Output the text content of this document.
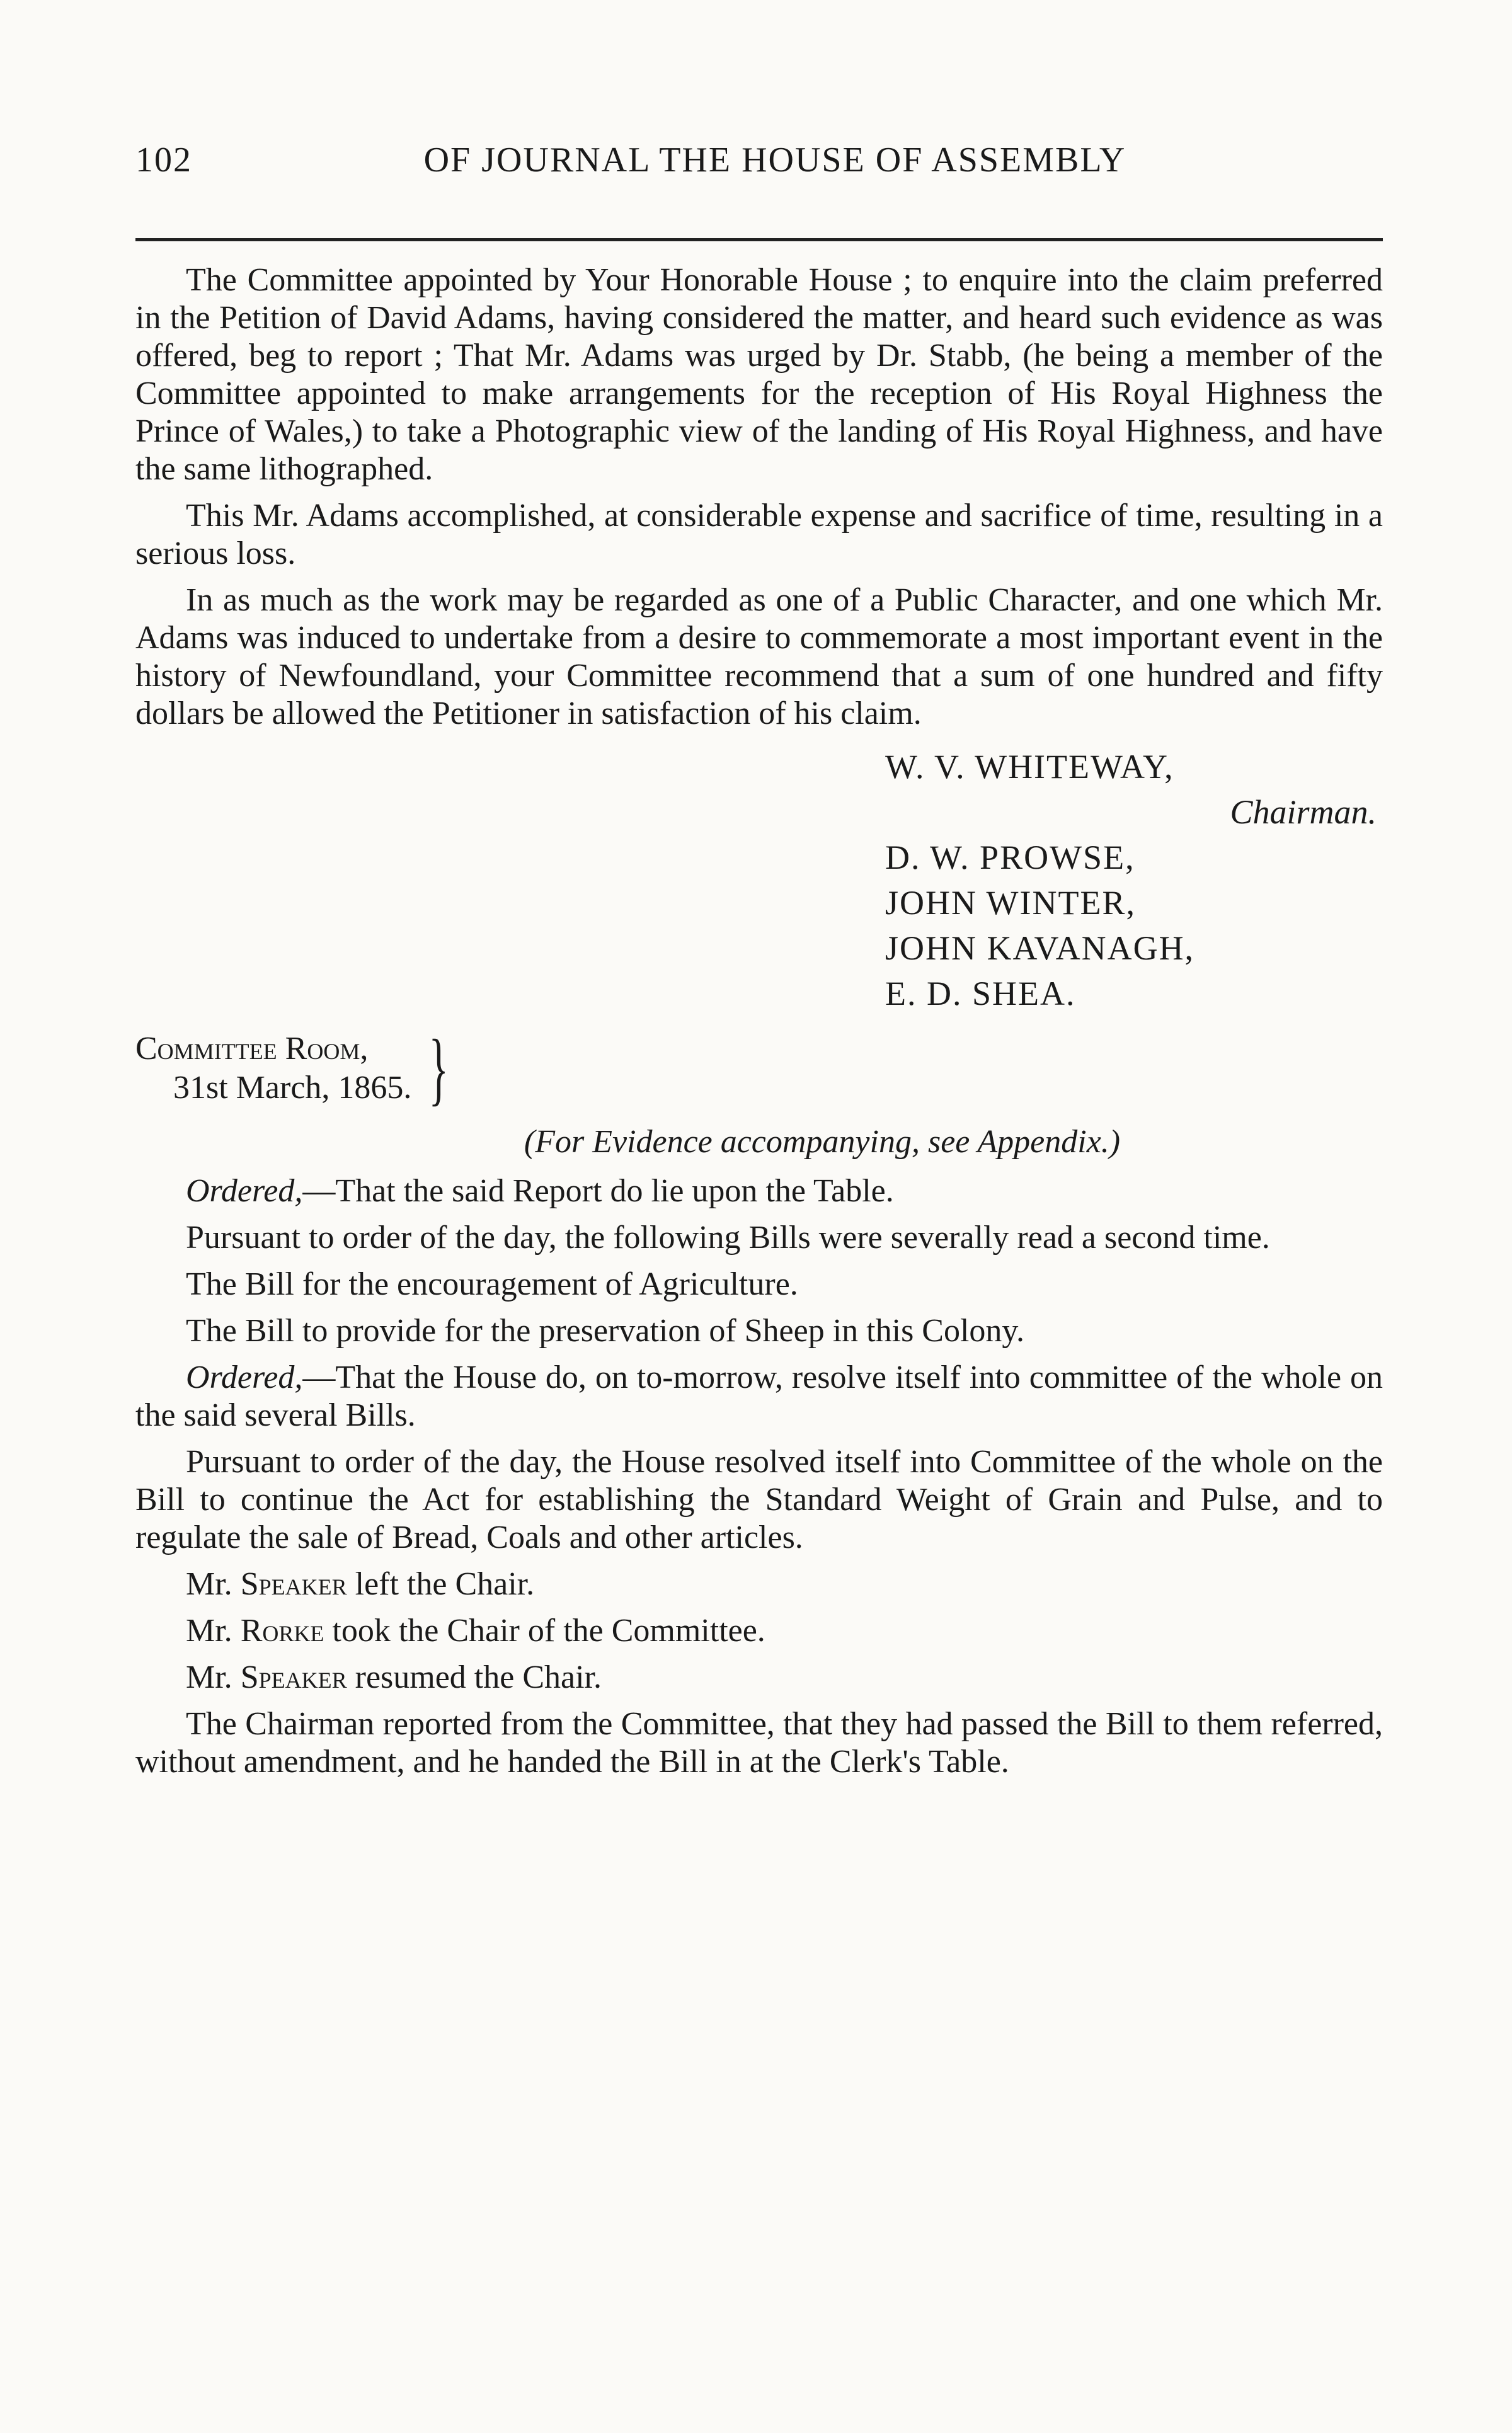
102	OF JOURNAL THE HOUSE OF ASSEMBLY

The Committee appointed by Your Honorable House ; to enquire into the claim preferred in the Petition of David Adams, having considered the matter, and heard such evidence as was offered, beg to report ; That Mr. Adams was urged by Dr. Stabb, (he being a member of the Committee appointed to make arrangements for the reception of His Royal Highness the Prince of Wales,) to take a Photographic view of the landing of His Royal Highness, and have the same lithographed.

This Mr. Adams accomplished, at considerable expense and sacrifice of time, resulting in a serious loss.

In as much as the work may be regarded as one of a Public Character, and one which Mr. Adams was induced to undertake from a desire to commemorate a most important event in the history of Newfoundland, your Committee recommend that a sum of one hundred and fifty dollars be allowed the Petitioner in satisfaction of his claim.

W. V. WHITEWAY,
Chairman.
D. W. PROWSE,
JOHN WINTER,
JOHN KAVANAGH,
E. D. SHEA.
Committee Room,
31st March, 1865. }

(For Evidence accompanying, see Appendix.)

Ordered,—That the said Report do lie upon the Table.

Pursuant to order of the day, the following Bills were severally read a second time.

The Bill for the encouragement of Agriculture.

The Bill to provide for the preservation of Sheep in this Colony.

Ordered,—That the House do, on to-morrow, resolve itself into committee of the whole on the said several Bills.

Pursuant to order of the day, the House resolved itself into Committee of the whole on the Bill to continue the Act for establishing the Standard Weight of Grain and Pulse, and to regulate the sale of Bread, Coals and other articles.

Mr. Speaker left the Chair.

Mr. Rorke took the Chair of the Committee.

Mr. Speaker resumed the Chair.

The Chairman reported from the Committee, that they had passed the Bill to them referred, without amendment, and he handed the Bill in at the Clerk's Table.
